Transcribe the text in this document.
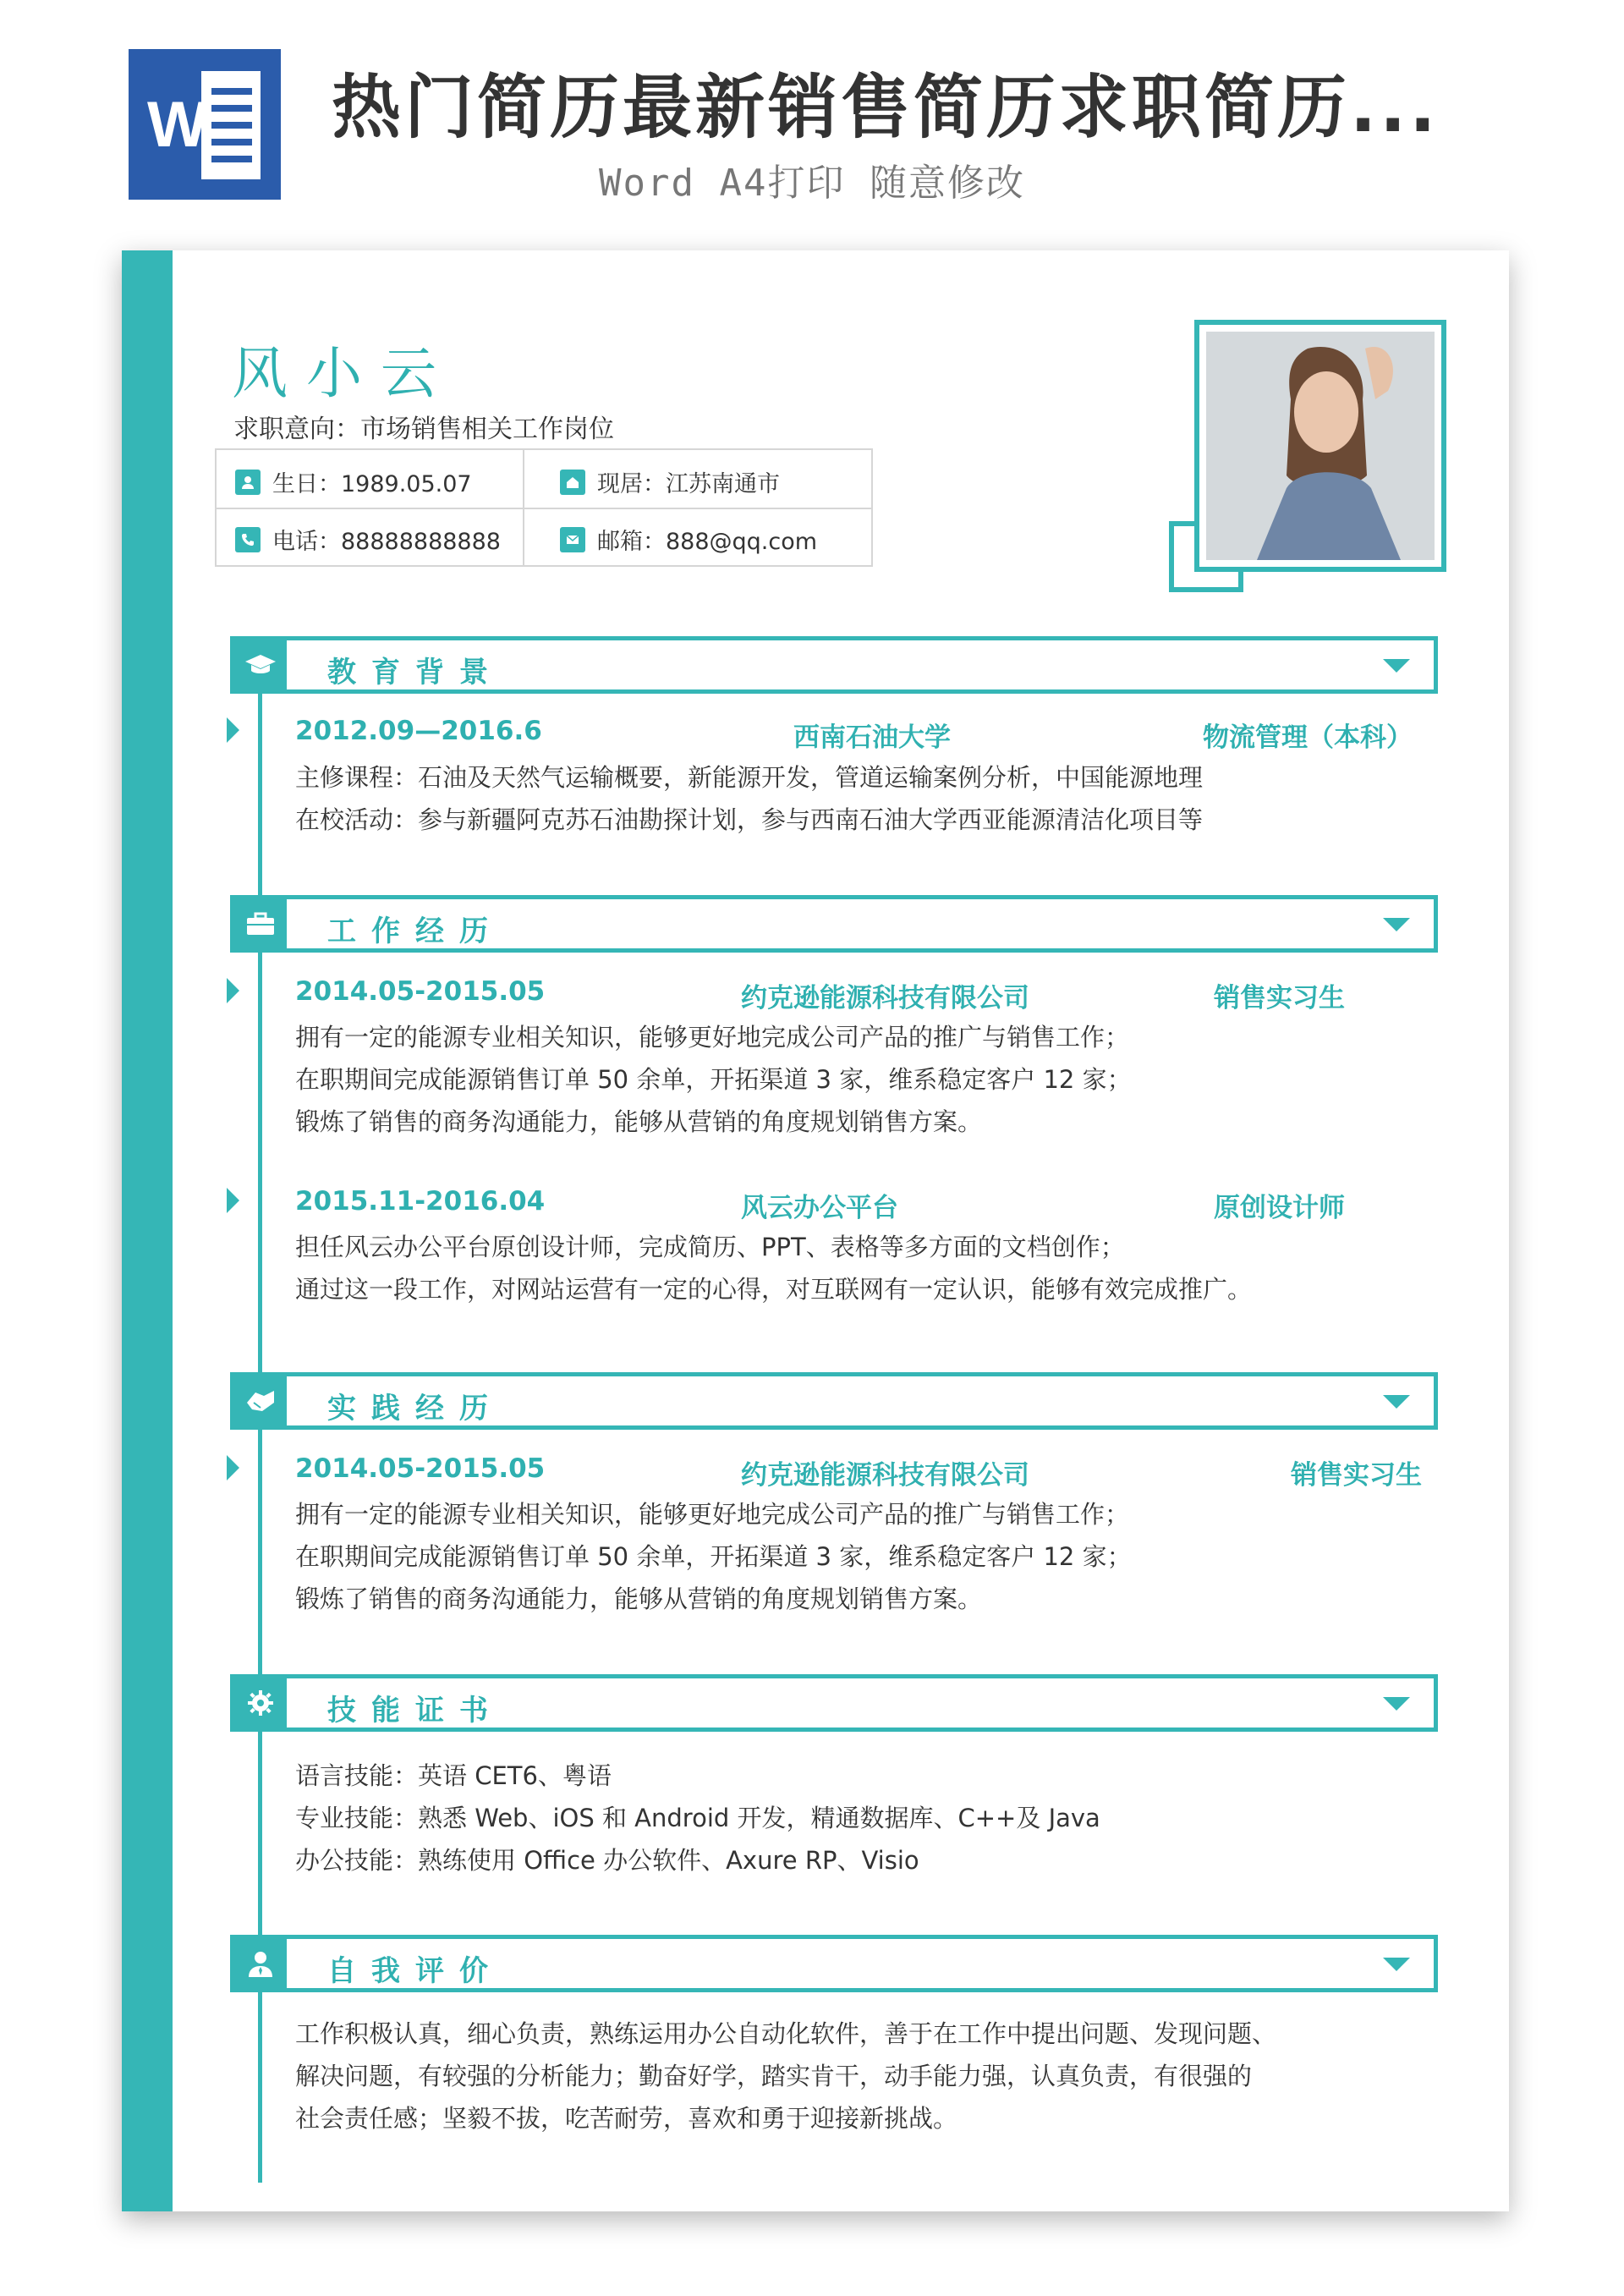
W 热门简历最新销售简历求职简历...
Word A4打印 随意修改
风小云
求职意向：市场销售相关工作岗位
生日：1989.05.07	现居：江苏南通市
电话：88888888888	邮箱：888@qq.com
教育背景
2012.09—2016.6	西南石油大学	物流管理（本科）
主修课程：石油及天然气运输概要，新能源开发，管道运输案例分析，中国能源地理
在校活动：参与新疆阿克苏石油勘探计划，参与西南石油大学西亚能源清洁化项目等
工作经历
2014.05-2015.05	约克逊能源科技有限公司	销售实习生
拥有一定的能源专业相关知识，能够更好地完成公司产品的推广与销售工作；
在职期间完成能源销售订单 50 余单，开拓渠道 3 家，维系稳定客户 12 家；
锻炼了销售的商务沟通能力，能够从营销的角度规划销售方案。
2015.11-2016.04	风云办公平台	原创设计师
担任风云办公平台原创设计师，完成简历、PPT、表格等多方面的文档创作；
通过这一段工作，对网站运营有一定的心得，对互联网有一定认识，能够有效完成推广。
实践经历
2014.05-2015.05	约克逊能源科技有限公司	销售实习生
拥有一定的能源专业相关知识，能够更好地完成公司产品的推广与销售工作；
在职期间完成能源销售订单 50 余单，开拓渠道 3 家，维系稳定客户 12 家；
锻炼了销售的商务沟通能力，能够从营销的角度规划销售方案。
技能证书
语言技能：英语 CET6、粤语
专业技能：熟悉 Web、iOS 和 Android 开发，精通数据库、C++及 Java
办公技能：熟练使用 Office 办公软件、Axure RP、Visio
自我评价
工作积极认真，细心负责，熟练运用办公自动化软件，善于在工作中提出问题、发现问题、
解决问题，有较强的分析能力；勤奋好学，踏实肯干，动手能力强，认真负责，有很强的
社会责任感；坚毅不拔，吃苦耐劳，喜欢和勇于迎接新挑战。
